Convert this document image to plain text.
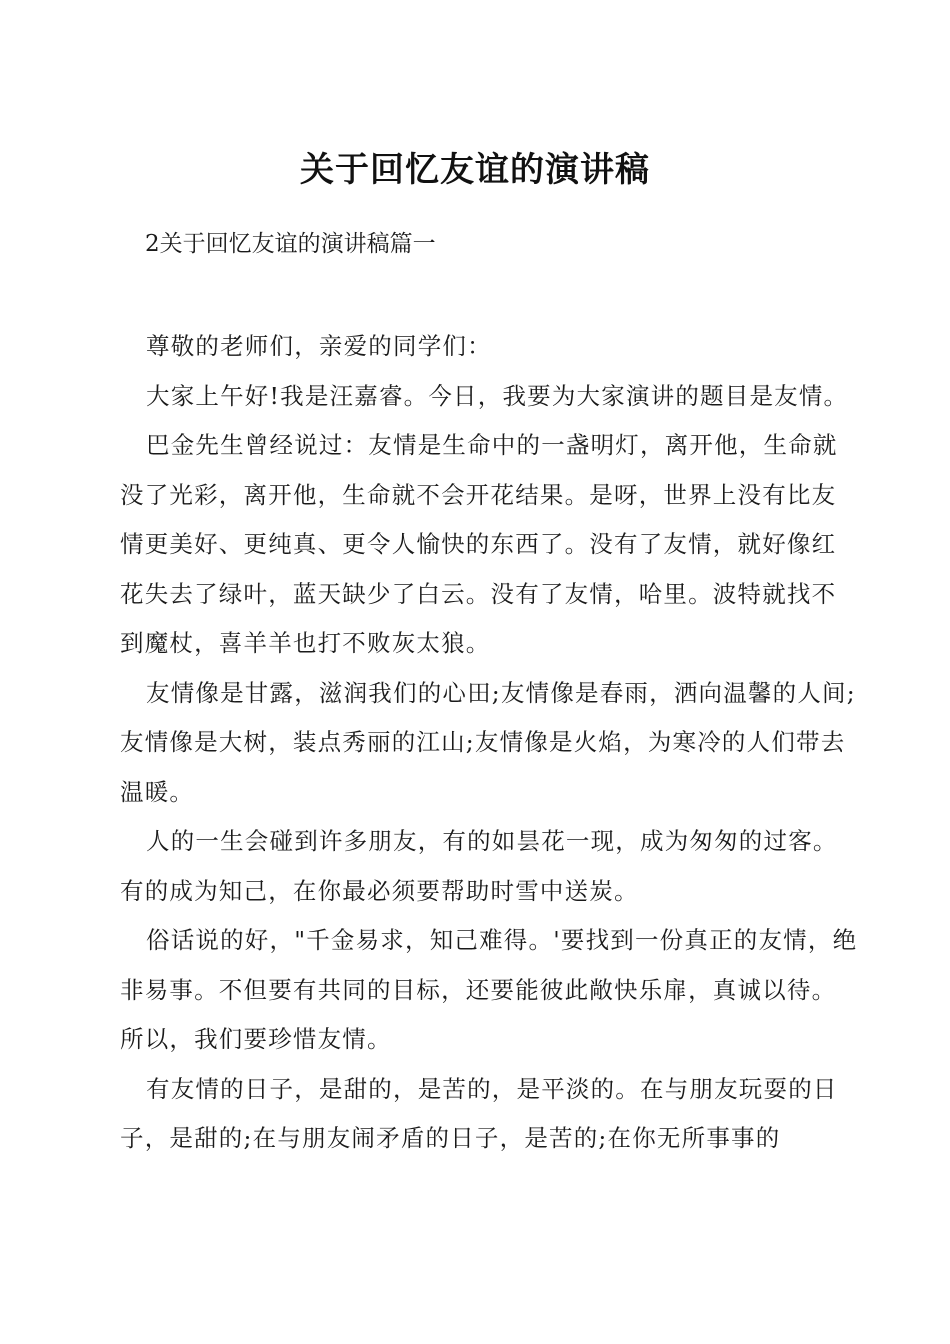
关于回忆友谊的演讲稿
2关于回忆友谊的演讲稿篇一

尊敬的老师们，亲爱的同学们：

大家上午好!我是汪嘉睿。今日，我要为大家演讲的题目是友情。

巴金先生曾经说过：友情是生命中的一盏明灯，离开他，生命就没了光彩，离开他，生命就不会开花结果。是呀，世界上没有比友情更美好、更纯真、更令人愉快的东西了。没有了友情，就好像红花失去了绿叶，蓝天缺少了白云。没有了友情，哈里。波特就找不到魔杖，喜羊羊也打不败灰太狼。

友情像是甘露，滋润我们的心田;友情像是春雨，洒向温馨的人间;友情像是大树，装点秀丽的江山;友情像是火焰，为寒冷的人们带去温暖。

人的一生会碰到许多朋友，有的如昙花一现，成为匆匆的过客。有的成为知己，在你最必须要帮助时雪中送炭。

俗话说的好，"千金易求，知己难得。'要找到一份真正的友情，绝非易事。不但要有共同的目标，还要能彼此敞快乐扉，真诚以待。所以，我们要珍惜友情。

有友情的日子，是甜的，是苦的，是平淡的。在与朋友玩耍的日子，是甜的;在与朋友闹矛盾的日子，是苦的;在你无所事事的
